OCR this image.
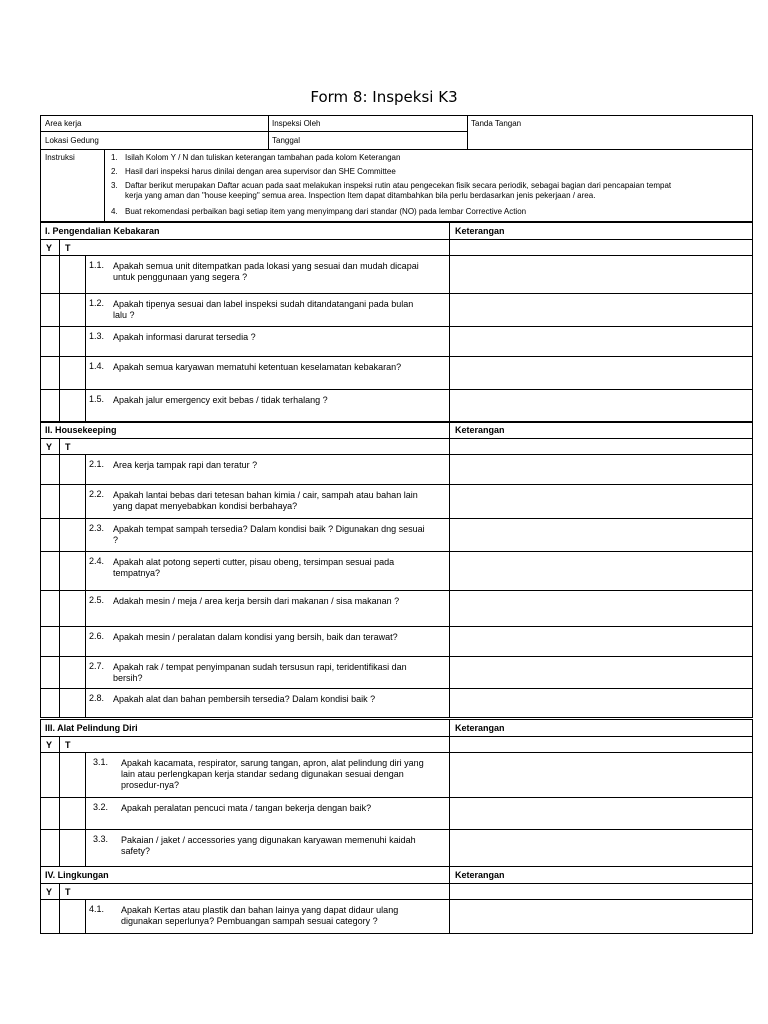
Form 8: Inspeksi K3
Area kerja	Inspeksi Oleh	Tanda Tangan
Lokasi Gedung	Tanggal
Instruksi	1. Isilah Kolom Y / N dan tuliskan keterangan tambahan pada kolom Keterangan
2. Hasil dari inspeksi harus dinilai dengan area supervisor dan SHE Committee
3. Daftar berikut merupakan Daftar acuan pada saat melakukan inspeksi rutin atau pengecekan fisik secara periodik, sebagai bagian dari pencapaian tempat
kerja yang aman dan "house keeping" semua area. Inspection Item dapat ditambahkan bila perlu berdasarkan jenis pekerjaan / area.
4. Buat rekomendasi perbaikan bagi setiap item yang menyimpang dari standar (NO) pada lembar Corrective Action
I. Pengendalian Kebakaran	Keterangan
Y T
1.1. Apakah semua unit ditempatkan pada lokasi yang sesuai dan mudah dicapai
untuk penggunaan yang segera ?
1.2. Apakah tipenya sesuai dan label inspeksi sudah ditandatangani pada bulan
lalu ?
1.3. Apakah informasi darurat tersedia ?
1.4. Apakah semua karyawan mematuhi ketentuan keselamatan kebakaran?
1.5. Apakah jalur emergency exit bebas / tidak terhalang ?
II. Housekeeping	Keterangan
Y T
2.1. Area kerja tampak rapi dan teratur ?
2.2. Apakah lantai bebas dari tetesan bahan kimia / cair, sampah atau bahan lain
yang dapat menyebabkan kondisi berbahaya?
2.3. Apakah tempat sampah tersedia? Dalam kondisi baik ? Digunakan dng sesuai
?
2.4. Apakah alat potong seperti cutter, pisau obeng, tersimpan sesuai pada
tempatnya?
2.5. Adakah mesin / meja / area kerja bersih dari makanan / sisa makanan ?
2.6. Apakah mesin / peralatan dalam kondisi yang bersih, baik dan terawat?
2.7. Apakah rak / tempat penyimpanan sudah tersusun rapi, teridentifikasi dan
bersih?
2.8. Apakah alat dan bahan pembersih tersedia? Dalam kondisi baik ?
III. Alat Pelindung Diri	Keterangan
Y T
3.1. Apakah kacamata, respirator, sarung tangan, apron, alat pelindung diri yang
lain atau perlengkapan kerja standar sedang digunakan sesuai dengan
prosedur-nya?
3.2. Apakah peralatan pencuci mata / tangan bekerja dengan baik?
3.3. Pakaian / jaket / accessories yang digunakan karyawan memenuhi kaidah
safety?
IV. Lingkungan	Keterangan
Y T
4.1. Apakah Kertas atau plastik dan bahan lainya yang dapat didaur ulang
digunakan seperlunya? Pembuangan sampah sesuai category ?
